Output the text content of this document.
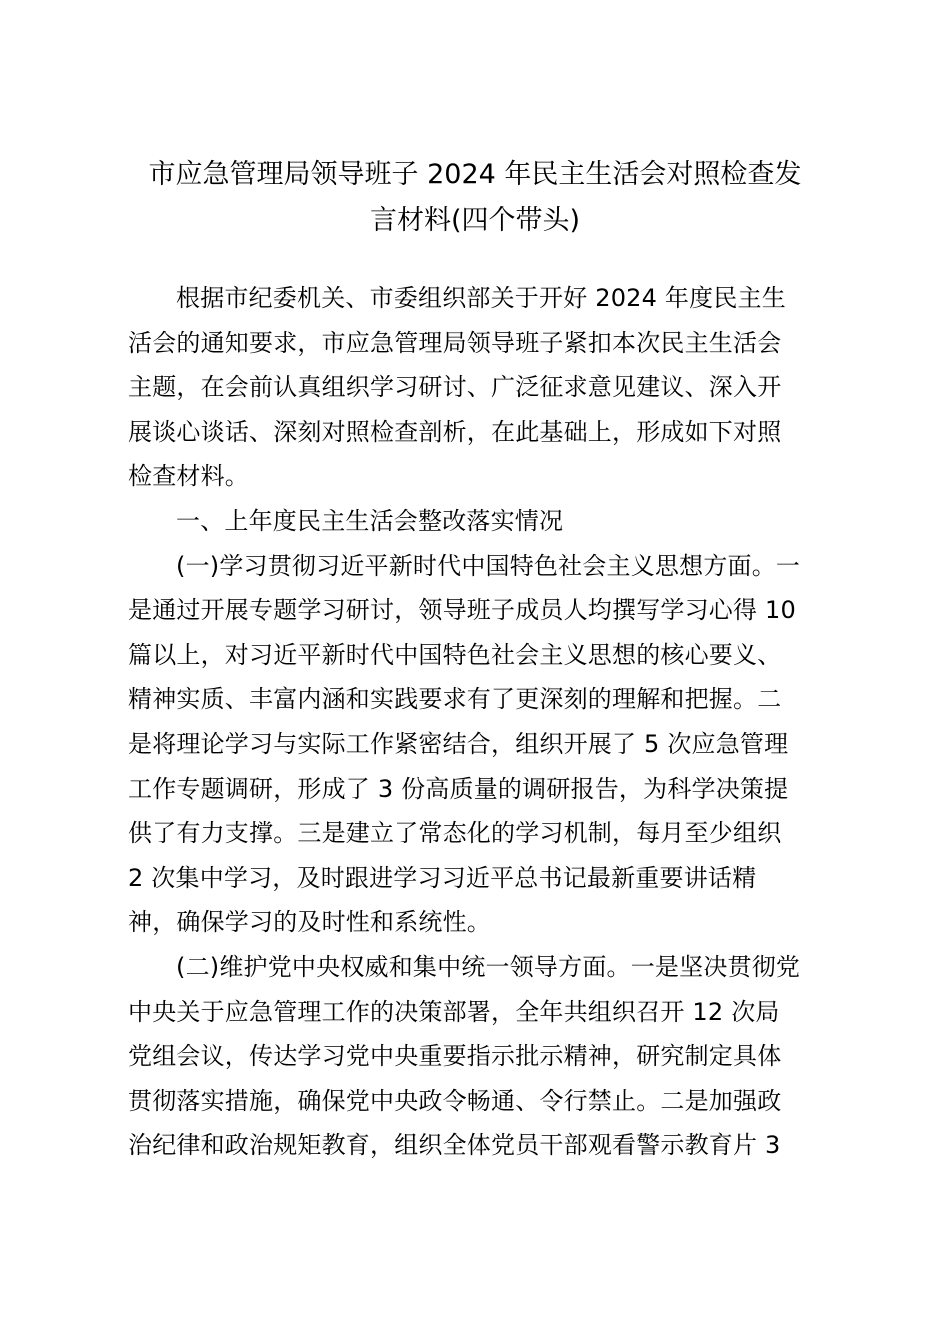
市应急管理局领导班子 2024 年民主生活会对照检查发
言材料(四个带头)
根据市纪委机关、市委组织部关于开好 2024 年度民主生
活会的通知要求，市应急管理局领导班子紧扣本次民主生活会
主题，在会前认真组织学习研讨、广泛征求意见建议、深入开
展谈心谈话、深刻对照检查剖析，在此基础上，形成如下对照
检查材料。
一、上年度民主生活会整改落实情况
(一)学习贯彻习近平新时代中国特色社会主义思想方面。一
是通过开展专题学习研讨，领导班子成员人均撰写学习心得 10
篇以上，对习近平新时代中国特色社会主义思想的核心要义、
精神实质、丰富内涵和实践要求有了更深刻的理解和把握。二
是将理论学习与实际工作紧密结合，组织开展了 5 次应急管理
工作专题调研，形成了 3 份高质量的调研报告，为科学决策提
供了有力支撑。三是建立了常态化的学习机制，每月至少组织
2 次集中学习，及时跟进学习习近平总书记最新重要讲话精
神，确保学习的及时性和系统性。
(二)维护党中央权威和集中统一领导方面。一是坚决贯彻党
中央关于应急管理工作的决策部署，全年共组织召开 12 次局
党组会议，传达学习党中央重要指示批示精神，研究制定具体
贯彻落实措施，确保党中央政令畅通、令行禁止。二是加强政
治纪律和政治规矩教育，组织全体党员干部观看警示教育片 3
